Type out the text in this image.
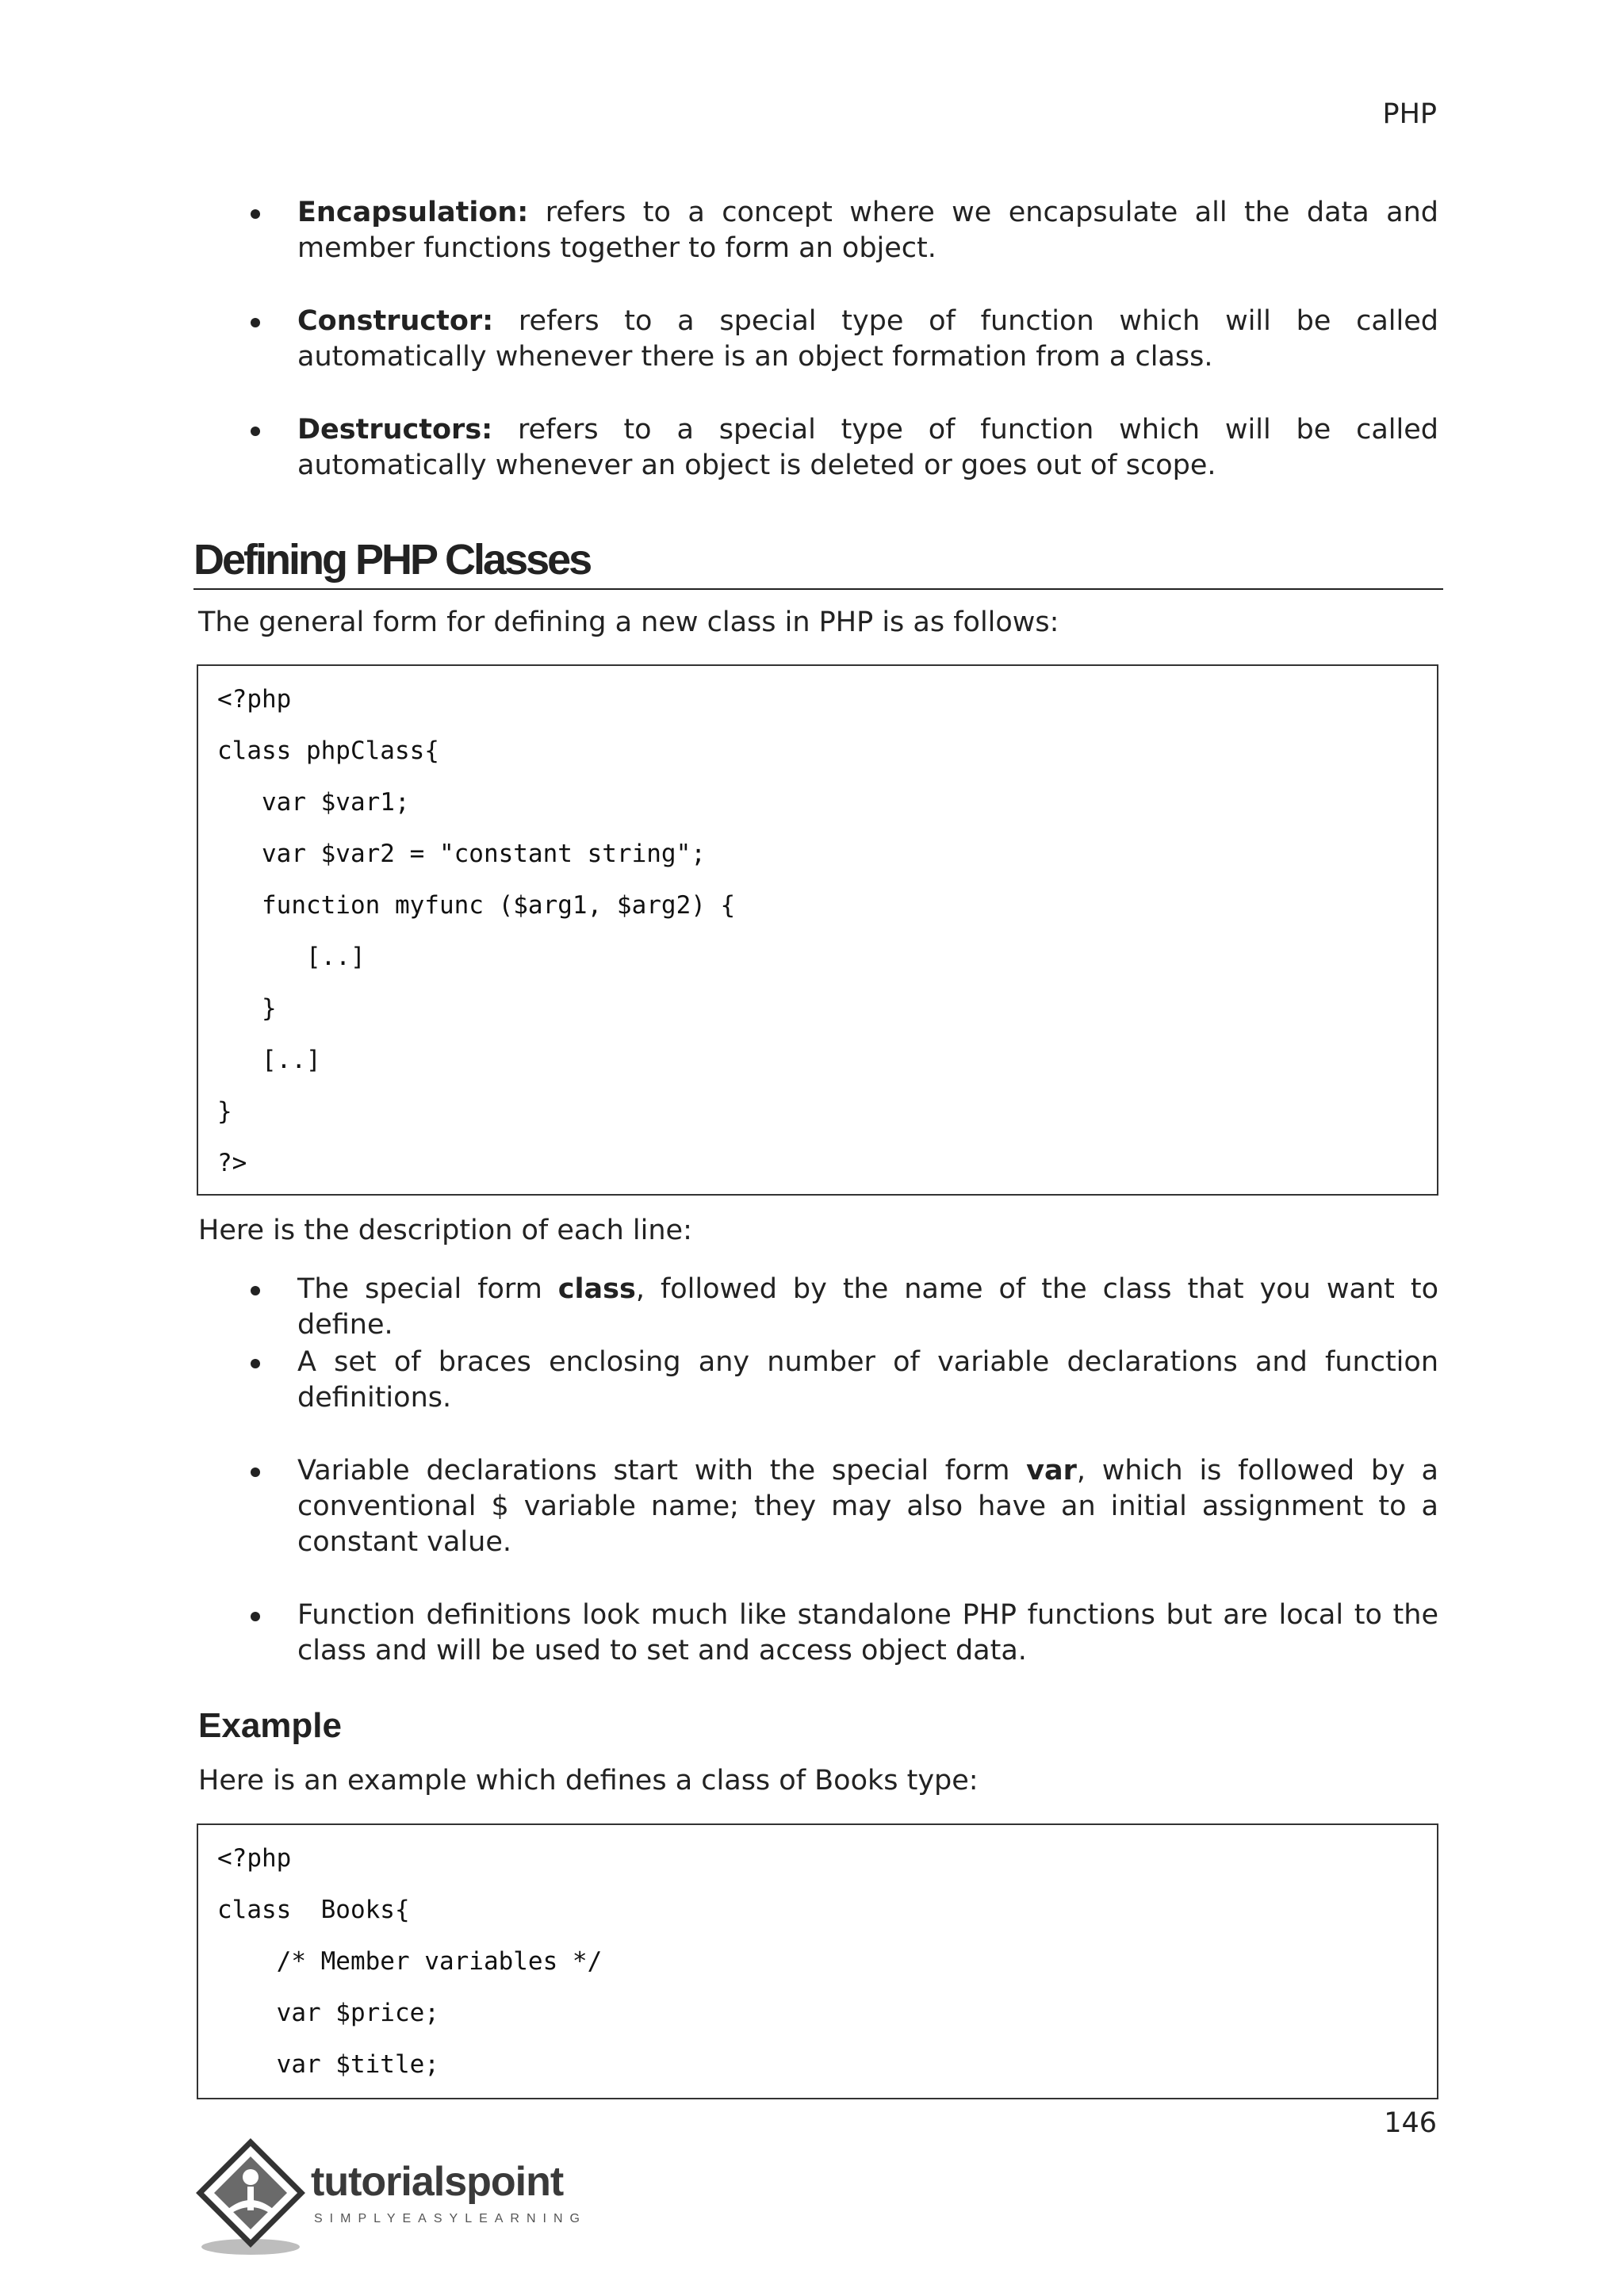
PHP
Encapsulation: refers to a concept where we encapsulate all the data and member functions together to form an object.
Constructor: refers to a special type of function which will be called automatically whenever there is an object formation from a class.
Destructors: refers to a special type of function which will be called automatically whenever an object is deleted or goes out of scope.
Defining PHP Classes
The general form for defining a new class in PHP is as follows:
<?php
class phpClass{
var $var1;
var $var2 = "constant string";
function myfunc ($arg1, $arg2) {
[..]
}
[..]
}
?>
Here is the description of each line:
The special form class, followed by the name of the class that you want to define.
A set of braces enclosing any number of variable declarations and function definitions.
Variable declarations start with the special form var, which is followed by a conventional $ variable name; they may also have an initial assignment to a constant value.
Function definitions look much like standalone PHP functions but are local to the class and will be used to set and access object data.
Example
Here is an example which defines a class of Books type:
<?php
class  Books{
/* Member variables */
var $price;
var $title;
146
tutorialspoint
SIMPLYEASYLEARNING
